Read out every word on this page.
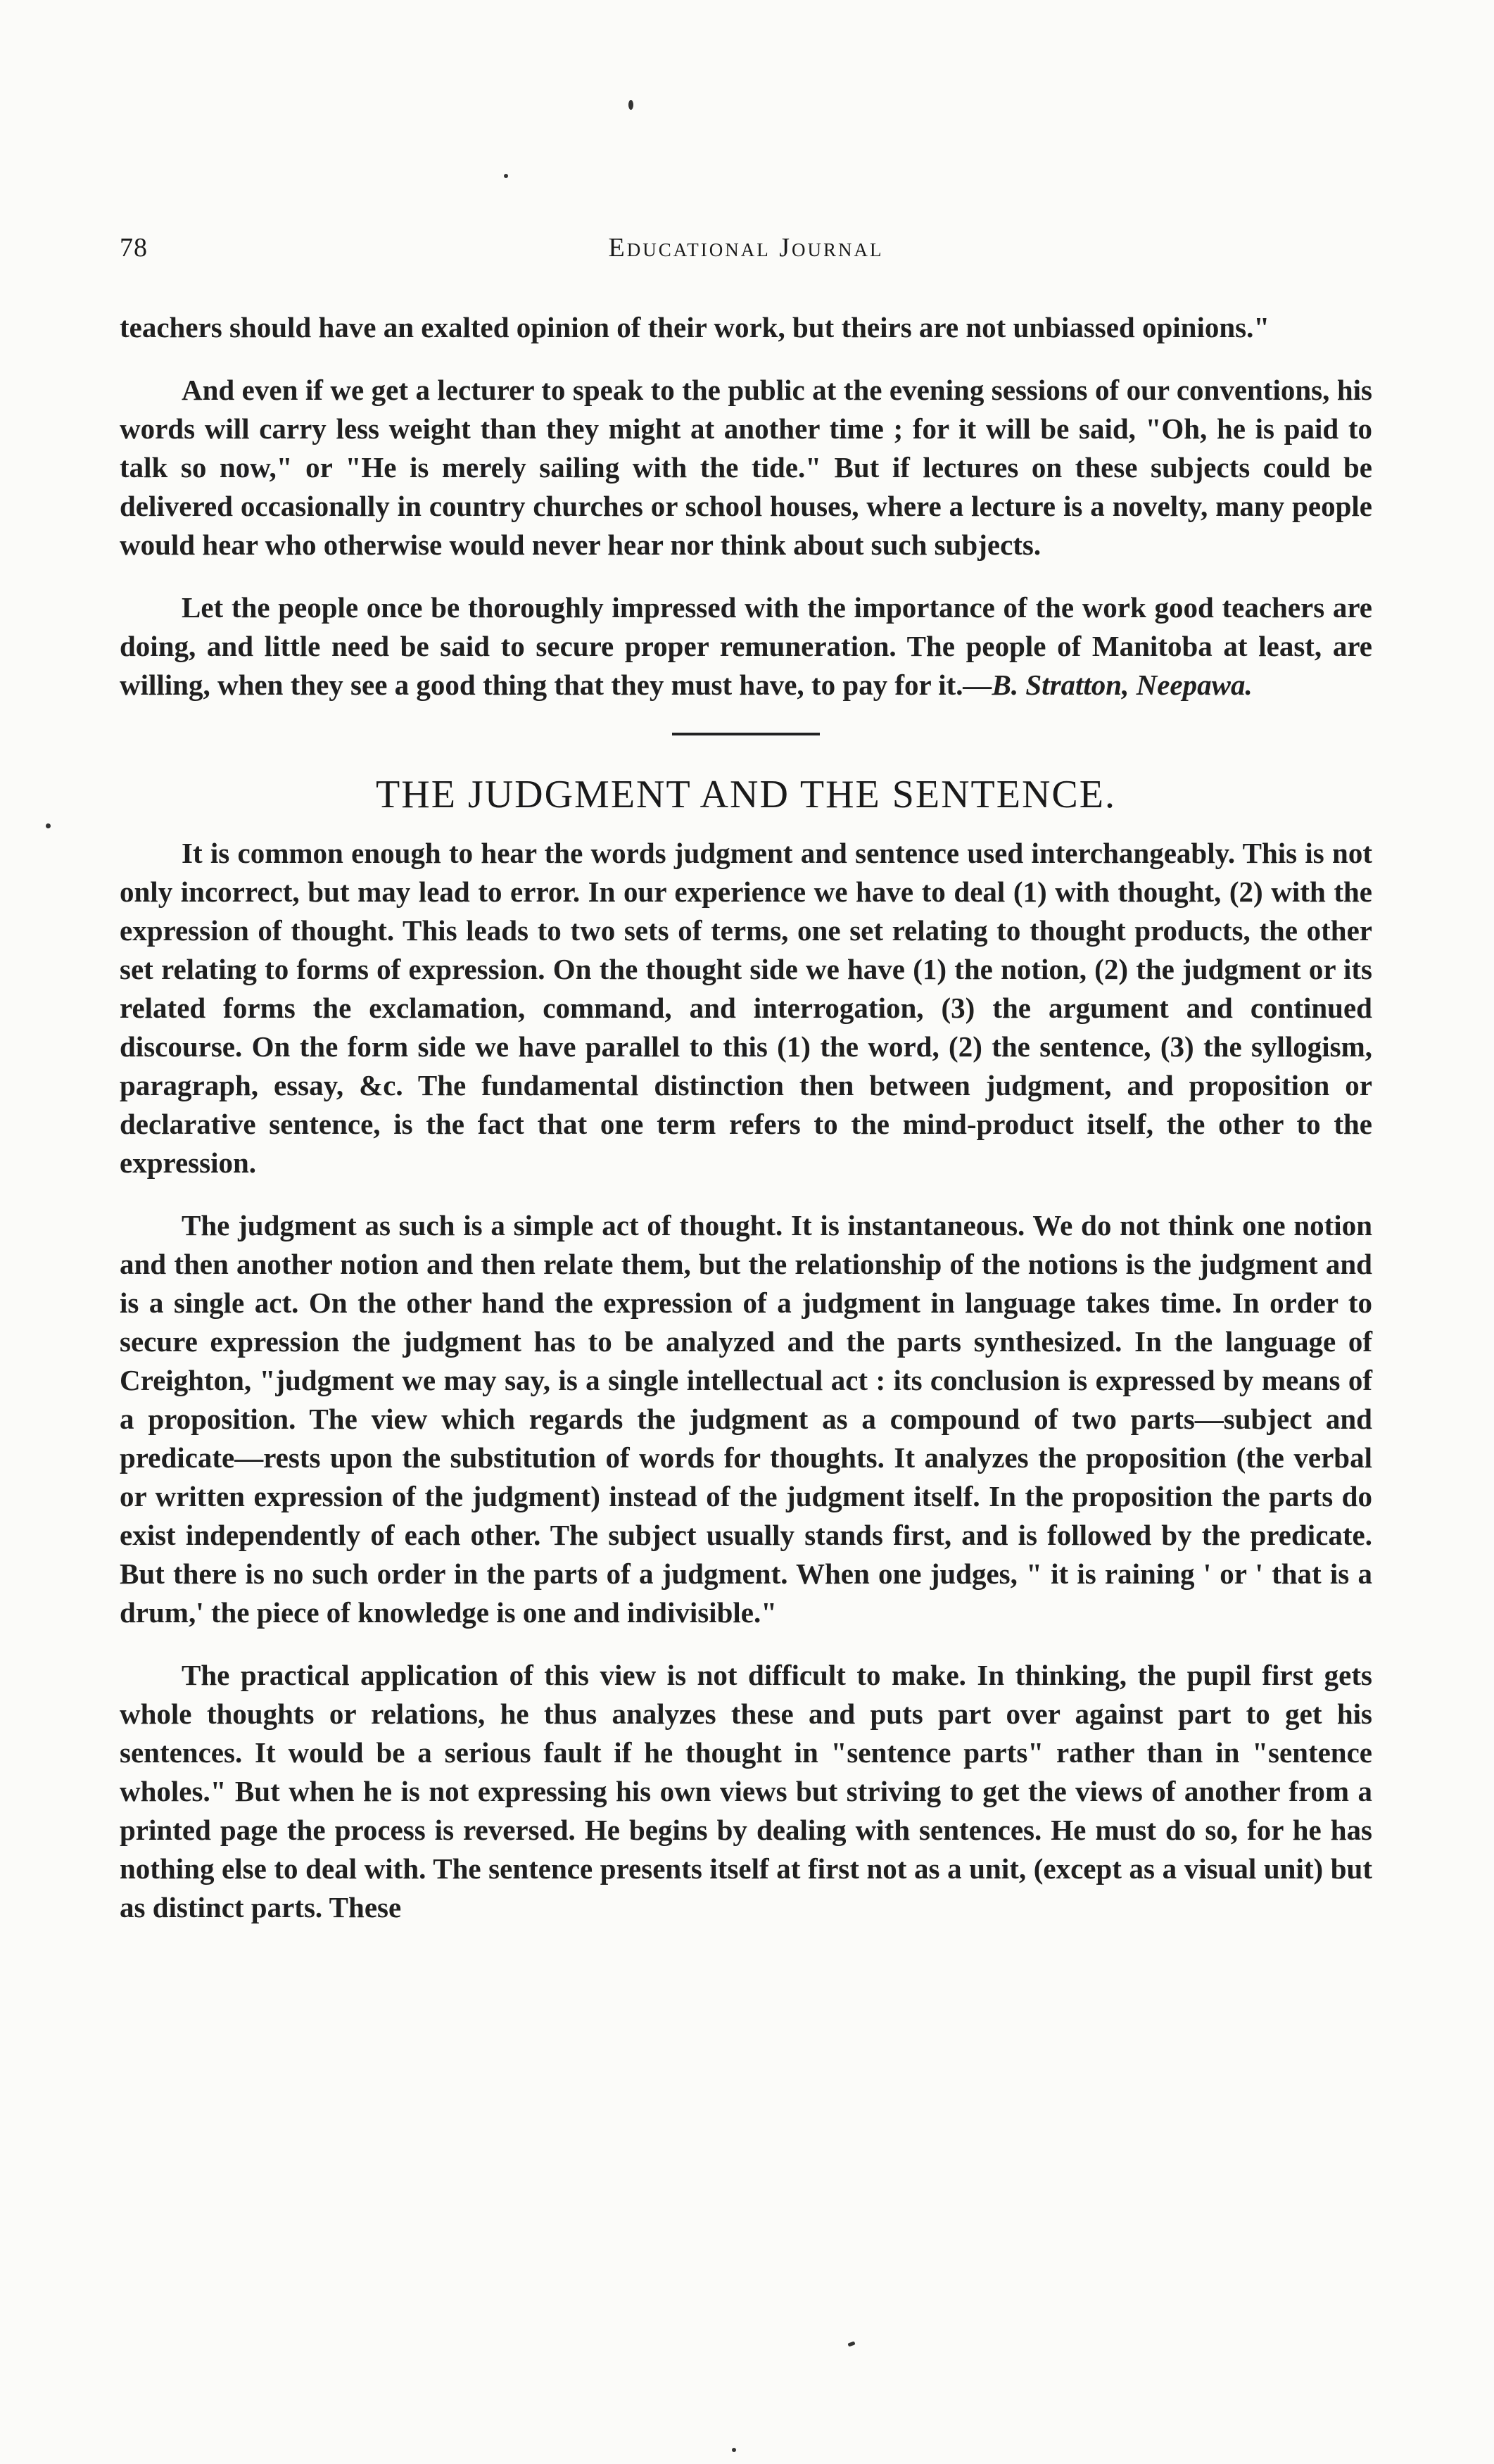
78	Educational Journal

teachers should have an exalted opinion of their work, but theirs are not unbiassed opinions."

And even if we get a lecturer to speak to the public at the evening sessions of our conventions, his words will carry less weight than they might at another time ; for it will be said, "Oh, he is paid to talk so now," or "He is merely sailing with the tide." But if lectures on these subjects could be delivered occasionally in country churches or school houses, where a lecture is a novelty, many people would hear who otherwise would never hear nor think about such subjects.

Let the people once be thoroughly impressed with the importance of the work good teachers are doing, and little need be said to secure proper remuneration. The people of Manitoba at least, are willing, when they see a good thing that they must have, to pay for it.—B. Stratton, Neepawa.

THE JUDGMENT AND THE SENTENCE.

It is common enough to hear the words judgment and sentence used interchangeably. This is not only incorrect, but may lead to error. In our experience we have to deal (1) with thought, (2) with the expression of thought. This leads to two sets of terms, one set relating to thought products, the other set relating to forms of expression. On the thought side we have (1) the notion, (2) the judgment or its related forms the exclamation, command, and interrogation, (3) the argument and continued discourse. On the form side we have parallel to this (1) the word, (2) the sentence, (3) the syllogism, paragraph, essay, &c. The fundamental distinction then between judgment, and proposition or declarative sentence, is the fact that one term refers to the mind-product itself, the other to the expression.

The judgment as such is a simple act of thought. It is instantaneous. We do not think one notion and then another notion and then relate them, but the relationship of the notions is the judgment and is a single act. On the other hand the expression of a judgment in language takes time. In order to secure expression the judgment has to be analyzed and the parts synthesized. In the language of Creighton, "judgment we may say, is a single intellectual act : its conclusion is expressed by means of a proposition. The view which regards the judgment as a compound of two parts—subject and predicate—rests upon the substitution of words for thoughts. It analyzes the proposition (the verbal or written expression of the judgment) instead of the judgment itself. In the proposition the parts do exist independently of each other. The subject usually stands first, and is followed by the predicate. But there is no such order in the parts of a judgment. When one judges, " it is raining ' or ' that is a drum,' the piece of knowledge is one and indivisible."

The practical application of this view is not difficult to make. In thinking, the pupil first gets whole thoughts or relations, he thus analyzes these and puts part over against part to get his sentences. It would be a serious fault if he thought in "sentence parts" rather than in "sentence wholes." But when he is not expressing his own views but striving to get the views of another from a printed page the process is reversed. He begins by dealing with sentences. He must do so, for he has nothing else to deal with. The sentence presents itself at first not as a unit, (except as a visual unit) but as distinct parts. These
